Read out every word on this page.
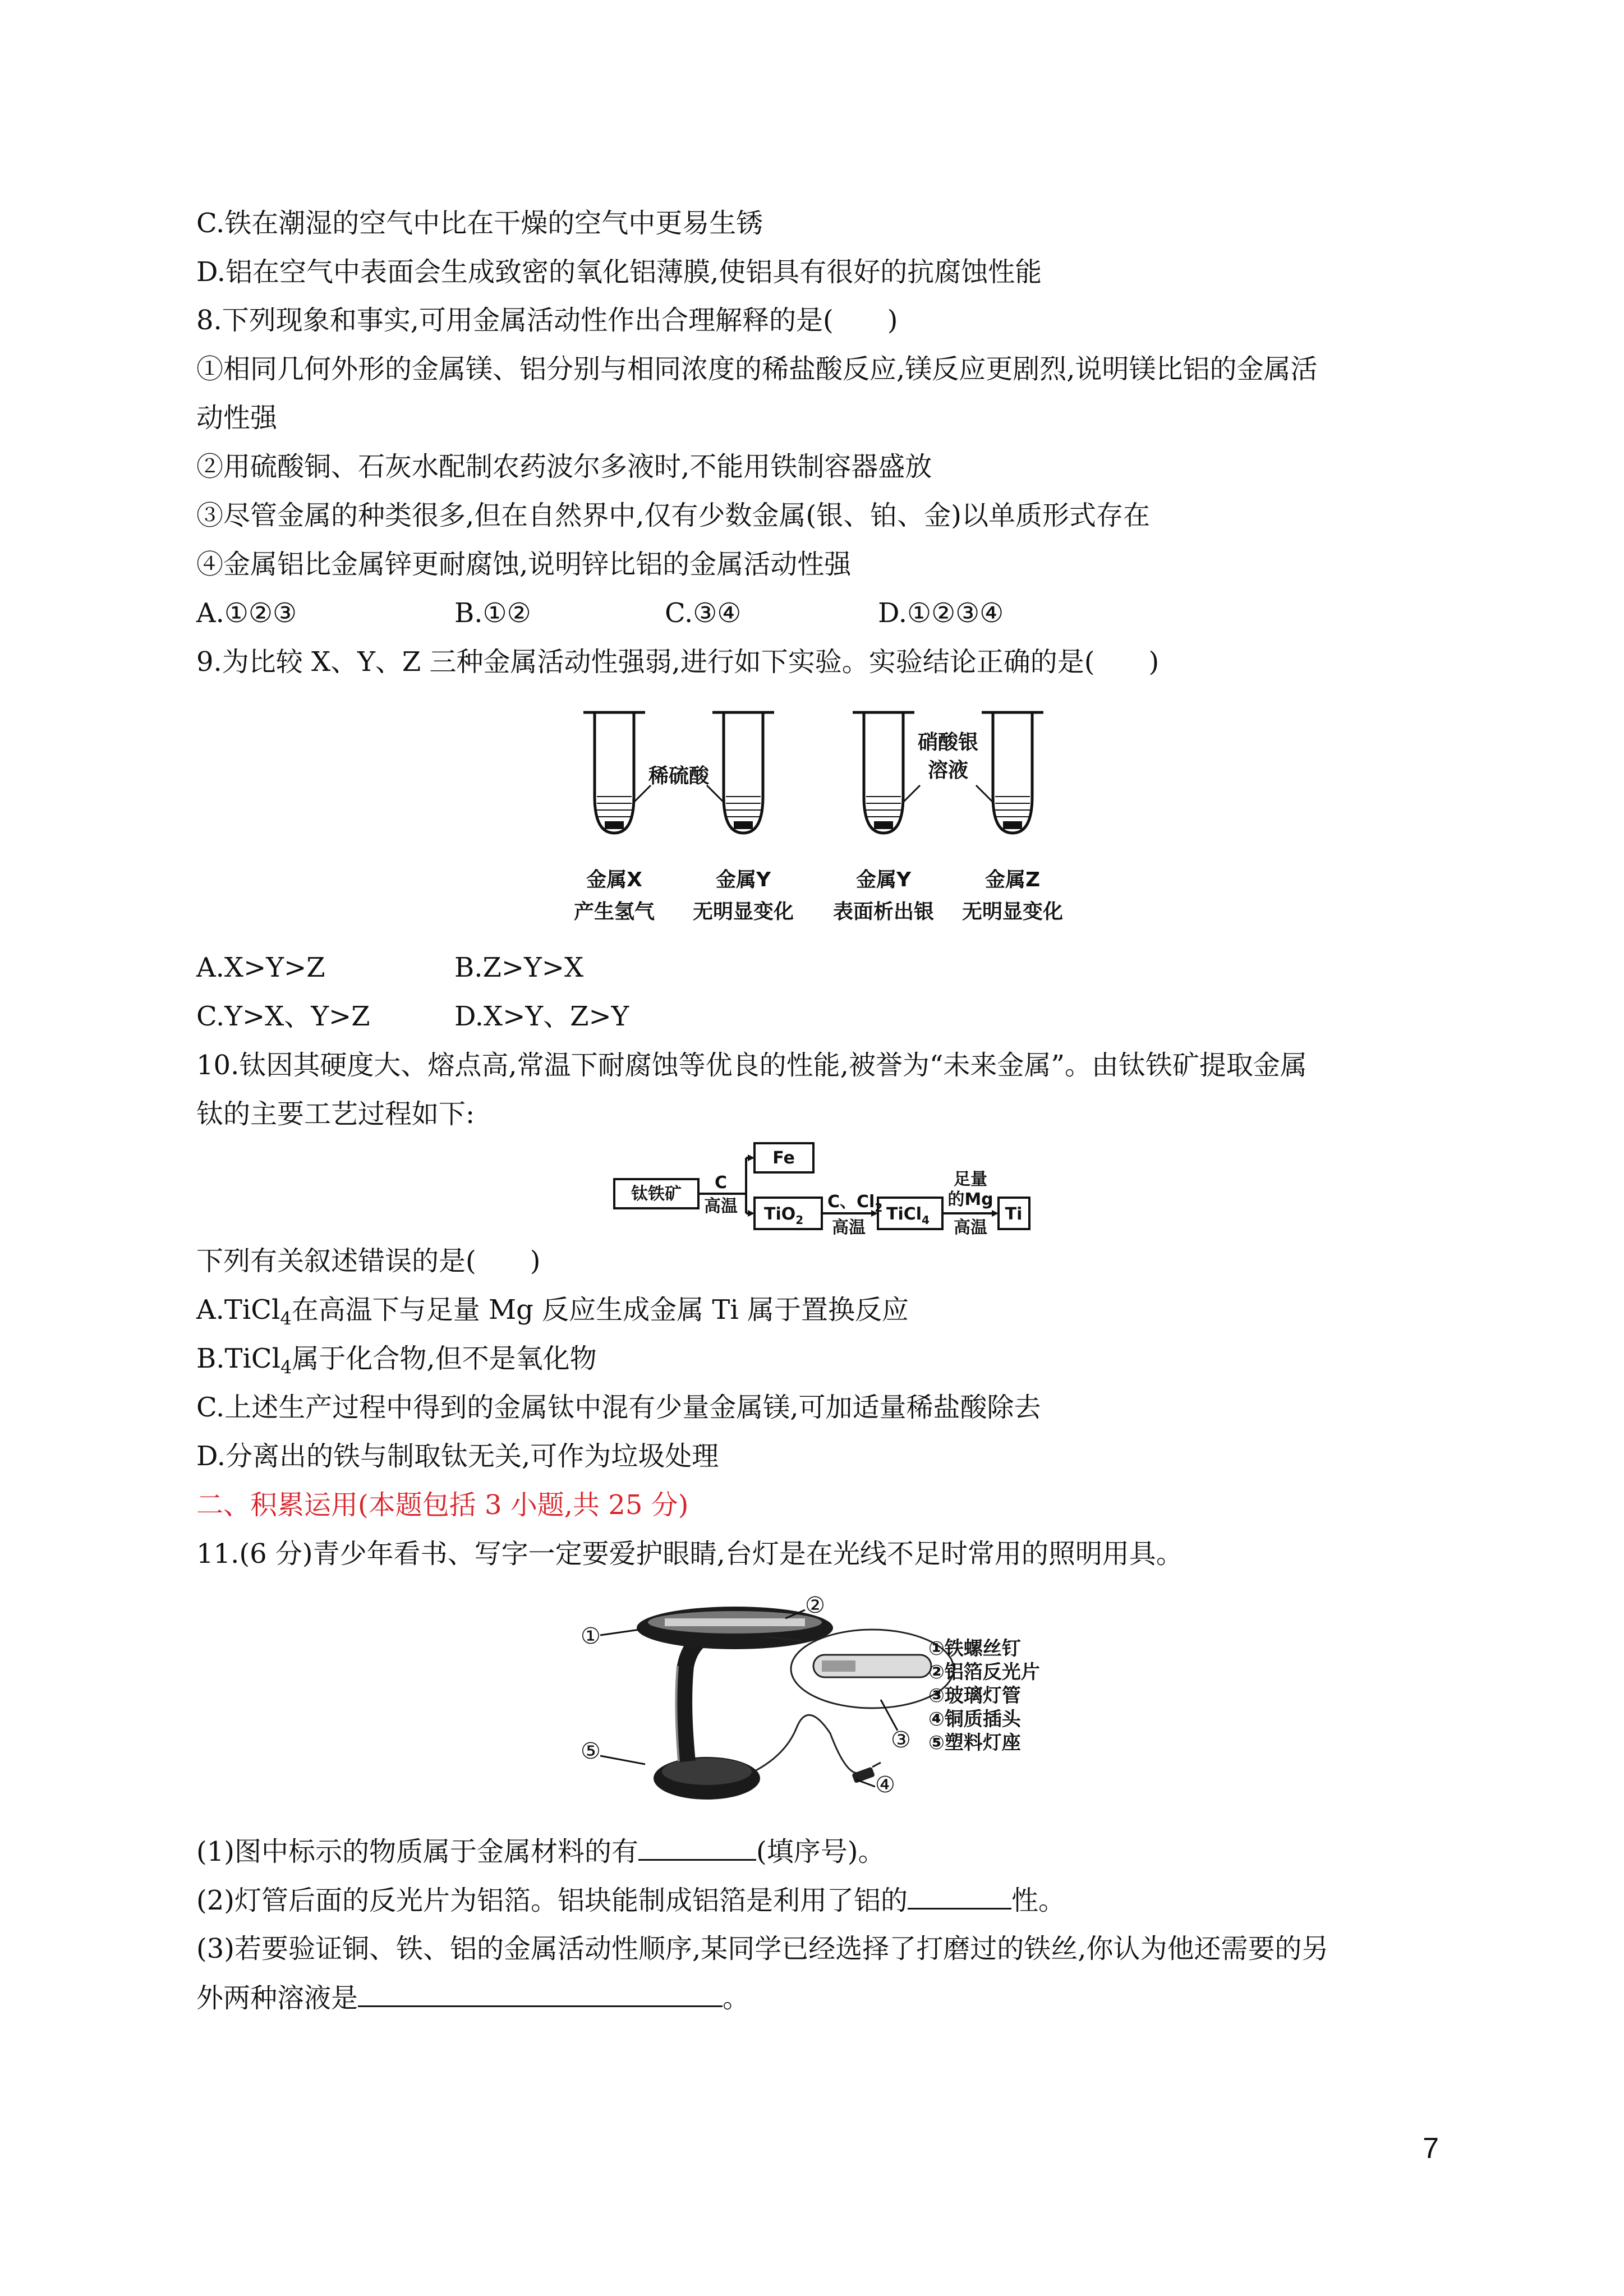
C.铁在潮湿的空气中比在干燥的空气中更易生锈
D.铝在空气中表面会生成致密的氧化铝薄膜,使铝具有很好的抗腐蚀性能
8.下列现象和事实,可用金属活动性作出合理解释的是(　　)
①相同几何外形的金属镁、铝分别与相同浓度的稀盐酸反应,镁反应更剧烈,说明镁比铝的金属活
动性强
②用硫酸铜、石灰水配制农药波尔多液时,不能用铁制容器盛放
③尽管金属的种类很多,但在自然界中,仅有少数金属(银、铂、金)以单质形式存在
④金属铝比金属锌更耐腐蚀,说明锌比铝的金属活动性强
A.①②③	B.①②	C.③④	D.①②③④
9.为比较 X、Y、Z 三种金属活动性强弱,进行如下实验。实验结论正确的是(　　)
稀硫酸
硝酸银
溶液
金属X	金属Y	金属Y	金属Z
产生氢气 无明显变化 表面析出银 无明显变化
A.X>Y>Z	B.Z>Y>X
C.Y>X、Y>Z	D.X>Y、Z>Y
10.钛因其硬度大、熔点高,常温下耐腐蚀等优良的性能,被誉为“未来金属”。由钛铁矿提取金属
钛的主要工艺过程如下:
钛铁矿
C
高温
Fe
TiO$_2$
C、$Cl_2$
高温
TiCl$_4$
足量
的Mg
高温
Ti
下列有关叙述错误的是(　　)
A.TiCl$_4$在高温下与足量 Mg 反应生成金属 Ti 属于置换反应
B.TiCl$_4$属于化合物,但不是氧化物
C.上述生产过程中得到的金属钛中混有少量金属镁,可加适量稀盐酸除去
D.分离出的铁与制取钛无关,可作为垃圾处理
二、积累运用(本题包括 3 小题,共 25 分)
11.(6 分)青少年看书、写字一定要爱护眼睛,台灯是在光线不足时常用的照明用具。
①
②
③
④
⑤
①铁螺丝钉
②铝箔反光片
③玻璃灯管
④铜质插头
⑤塑料灯座
(1)图中标示的物质属于金属材料的有	(填序号)。
(2)灯管后面的反光片为铝箔。铝块能制成铝箔是利用了铝的	性。
(3)若要验证铜、铁、铝的金属活动性顺序,某同学已经选择了打磨过的铁丝,你认为他还需要的另
外两种溶液是	。
7
